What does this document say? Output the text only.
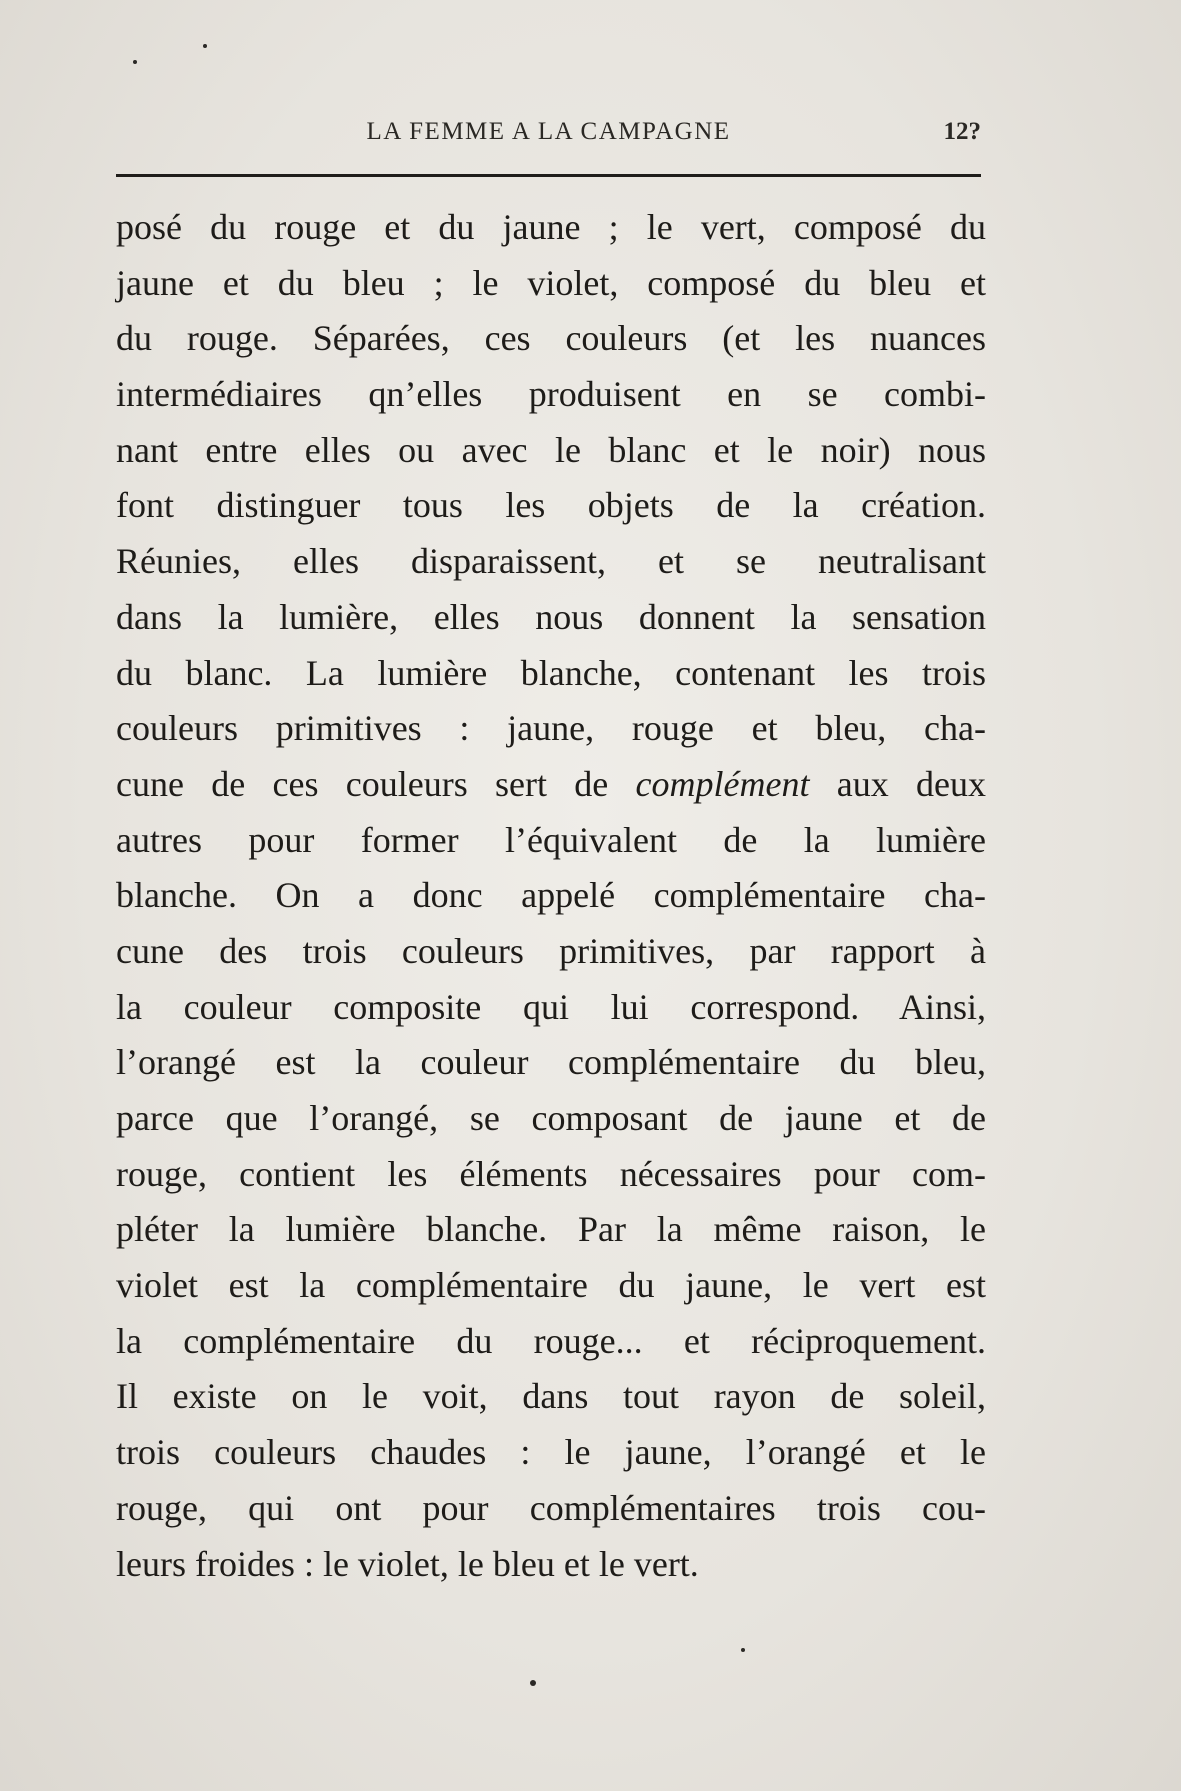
LA FEMME A LA CAMPAGNE	12?
posé du rouge et du jaune ; le vert, composé du
jaune et du bleu ; le violet, composé du bleu et
du rouge. Séparées, ces couleurs (et les nuances
intermédiaires qn’elles produisent en se combi-
nant entre elles ou avec le blanc et le noir) nous
font distinguer tous les objets de la création.
Réunies, elles disparaissent, et se neutralisant
dans la lumière, elles nous donnent la sensation
du blanc. La lumière blanche, contenant les trois
couleurs primitives : jaune, rouge et bleu, cha-
cune de ces couleurs sert de complément aux deux
autres pour former l’équivalent de la lumière
blanche. On a donc appelé complémentaire cha-
cune des trois couleurs primitives, par rapport à
la couleur composite qui lui correspond. Ainsi,
l’orangé est la couleur complémentaire du bleu,
parce que l’orangé, se composant de jaune et de
rouge, contient les éléments nécessaires pour com-
pléter la lumière blanche. Par la même raison, le
violet est la complémentaire du jaune, le vert est
la complémentaire du rouge... et réciproquement.
Il existe on le voit, dans tout rayon de soleil,
trois couleurs chaudes : le jaune, l’orangé et le
rouge, qui ont pour complémentaires trois cou-
leurs froides : le violet, le bleu et le vert.
